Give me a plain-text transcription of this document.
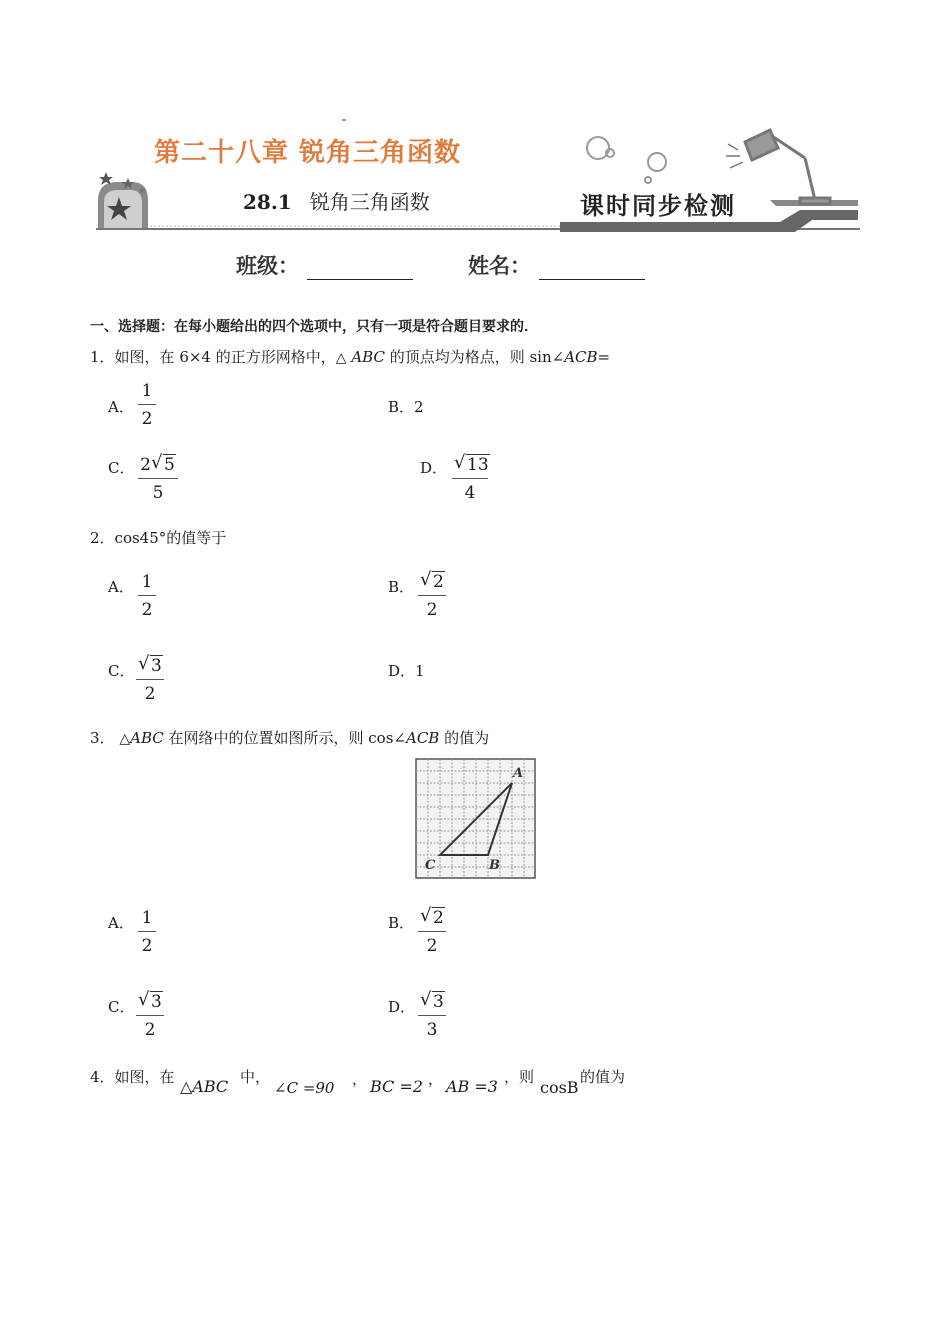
第二十八章 锐角三角函数
28.1 锐角三角函数	课时同步检测
班级：	姓名：
一、选择题：在每小题给出的四个选项中，只有一项是符合题目要求的．
1．如图，在 6×4 的正方形网格中，△ ABC 的顶点均为格点，则 sin∠ACB=
A．
1
2
B．2
C． 2 √ 5
5
D．	√ 13
4
2．cos45°的值等于
A． 1
2
B．	√ 2
2
C． √ 3
2
D．1
3． △ABC 在网络中的位置如图所示，则 cos∠ACB 的值为
A
B
C
A． 1
2
B．	√ 2
2
C． √ 3
2
D．	√ 3
3
4．如图，在 △ABC 中，
∠C =90 ， BC =2 ， AB =3 ，则
cosB
的值为
